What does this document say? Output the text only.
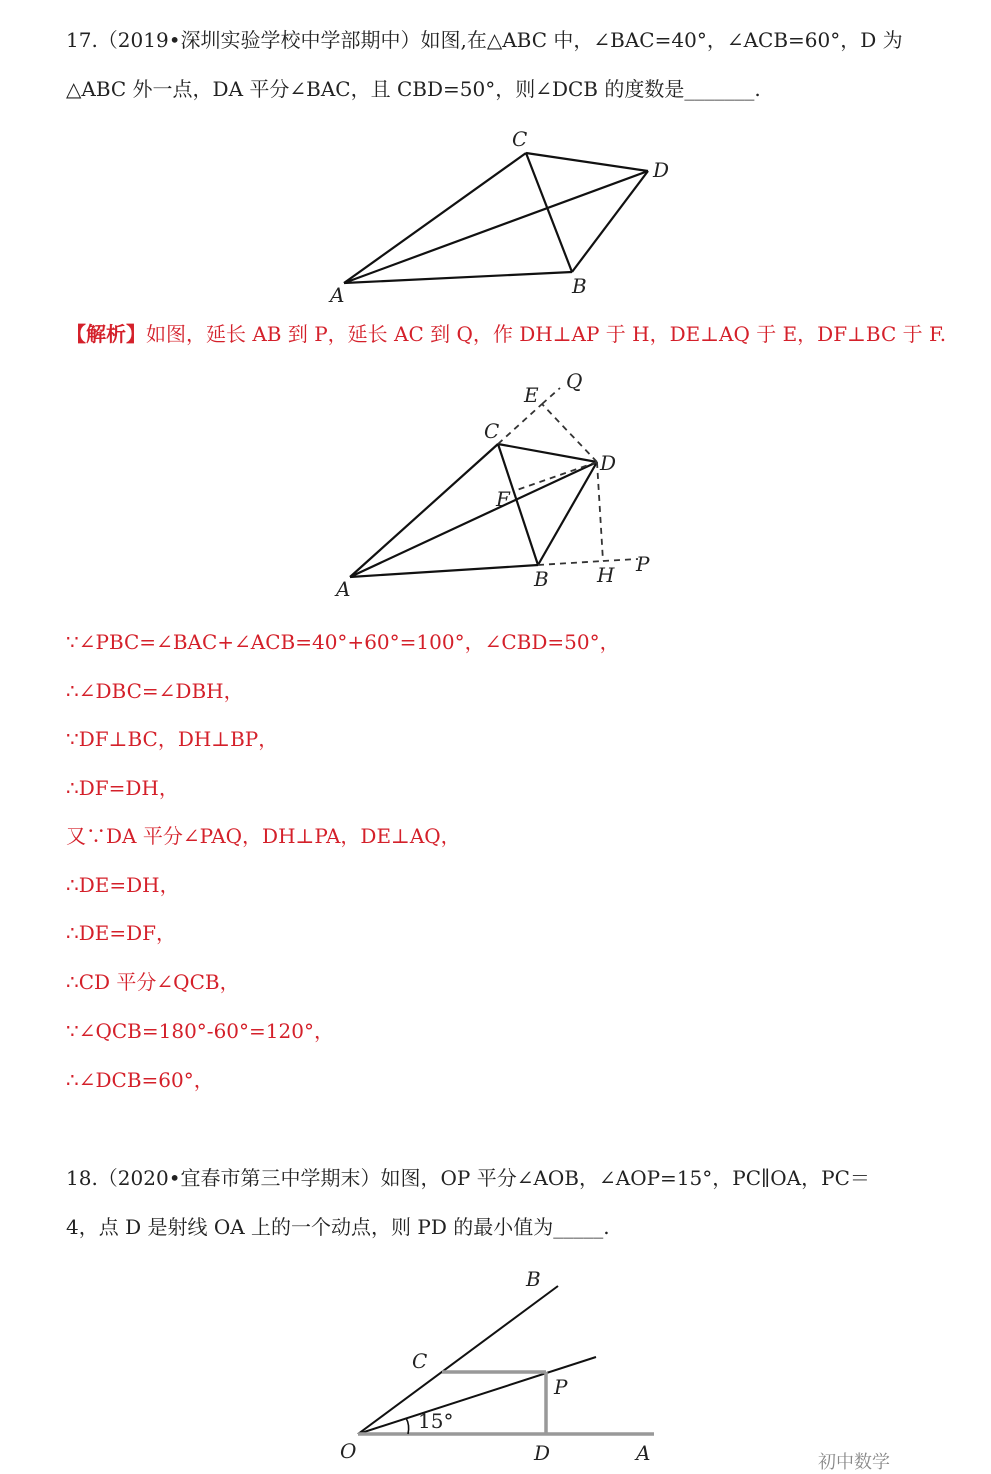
17.（2019•深圳实验学校中学部期中）如图,在△ABC 中，∠BAC=40°，∠ACB=60°，D 为

△ABC 外一点，DA 平分∠BAC，且 CBD=50°，则∠DCB 的度数是_______.

A	B
C
D

【解析】如图，延长 AB 到 P，延长 AC 到 Q，作 DH⊥AP 于 H，DE⊥AQ 于 E，DF⊥BC 于 F.

A	B
C
D
E
F
H P
Q

∵∠PBC=∠BAC+∠ACB=40°+60°=100°，∠CBD=50°，

∴∠DBC=∠DBH，

∵DF⊥BC，DH⊥BP，

∴DF=DH，

又∵DA 平分∠PAQ，DH⊥PA，DE⊥AQ，

∴DE=DH，

∴DE=DF，

∴CD 平分∠QCB，

∵∠QCB=180°-60°=120°，

∴∠DCB=60°，

18.（2020•宜春市第三中学期末）如图，OP 平分∠AOB，∠AOP=15°，PC∥OA，PC＝

4，点 D 是射线 OA 上的一个动点，则 PD 的最小值为_____.

B
C
P
O	D	A
15°
初中数学
